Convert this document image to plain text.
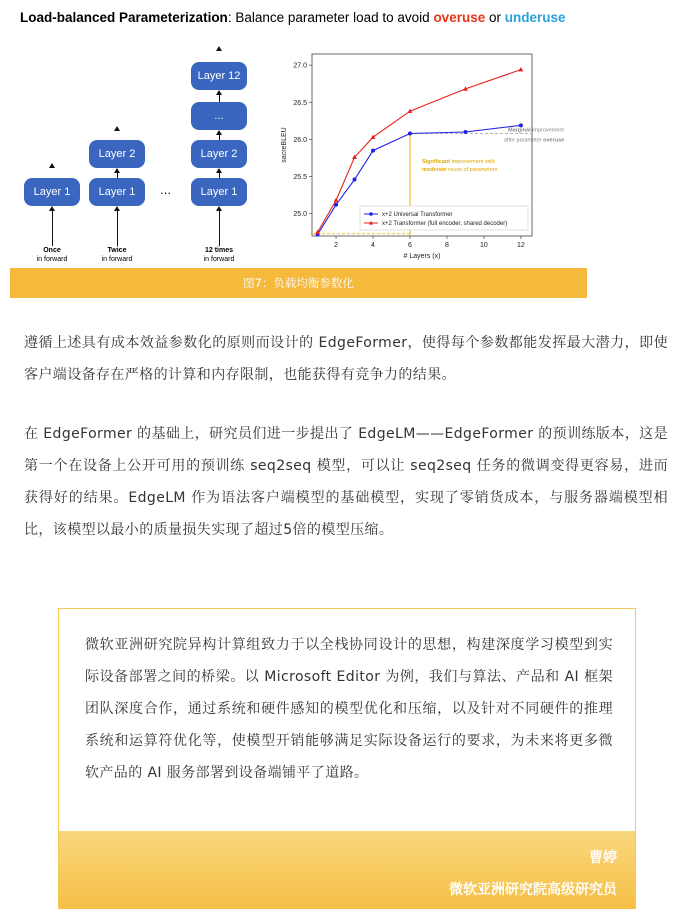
Load-balanced Parameterization: Balance parameter load to avoid overuse or underuse
Layer 1
Once
in forward
Layer 1
Layer 2
Twice
in forward
…	Layer 1
Layer 2
...
Layer 12
12 times
in forward
图7：负载均衡参数化
2	4	6	8	10	12
25.0
25.5
26.0
26.5
27.0
# Layers (x)
sacreBLEU	Marginal improvement
after parameter overuse
Significant improvement with
moderate reuse of parameters
x+2 Universal Transformer
x+2 Transformer (full encoder, shared decoder)

遵循上述具有成本效益参数化的原则而设计的 EdgeFormer，使得每个参数都能发挥最大潜力，即使客户端设备存在严格的计算和内存限制，也能获得有竞争力的结果。

在 EdgeFormer 的基础上，研究员们进一步提出了 EdgeLM——EdgeFormer 的预训练版本，这是第一个在设备上公开可用的预训练 seq2seq 模型，可以让 seq2seq 任务的微调变得更容易，进而获得好的结果。EdgeLM 作为语法客户端模型的基础模型，实现了零销货成本，与服务器端模型相比，该模型以最小的质量损失实现了超过5倍的模型压缩。

微软亚洲研究院异构计算组致力于以全栈协同设计的思想，构建深度学习模型到实际设备部署之间的桥梁。以 Microsoft Editor 为例，我们与算法、产品和 AI 框架团队深度合作，通过系统和硬件感知的模型优化和压缩，以及针对不同硬件的推理系统和运算符优化等，使模型开销能够满足实际设备运行的要求，为未来将更多微软产品的 AI 服务部署到设备端铺平了道路。

曹婷
微软亚洲研究院高级研究员
